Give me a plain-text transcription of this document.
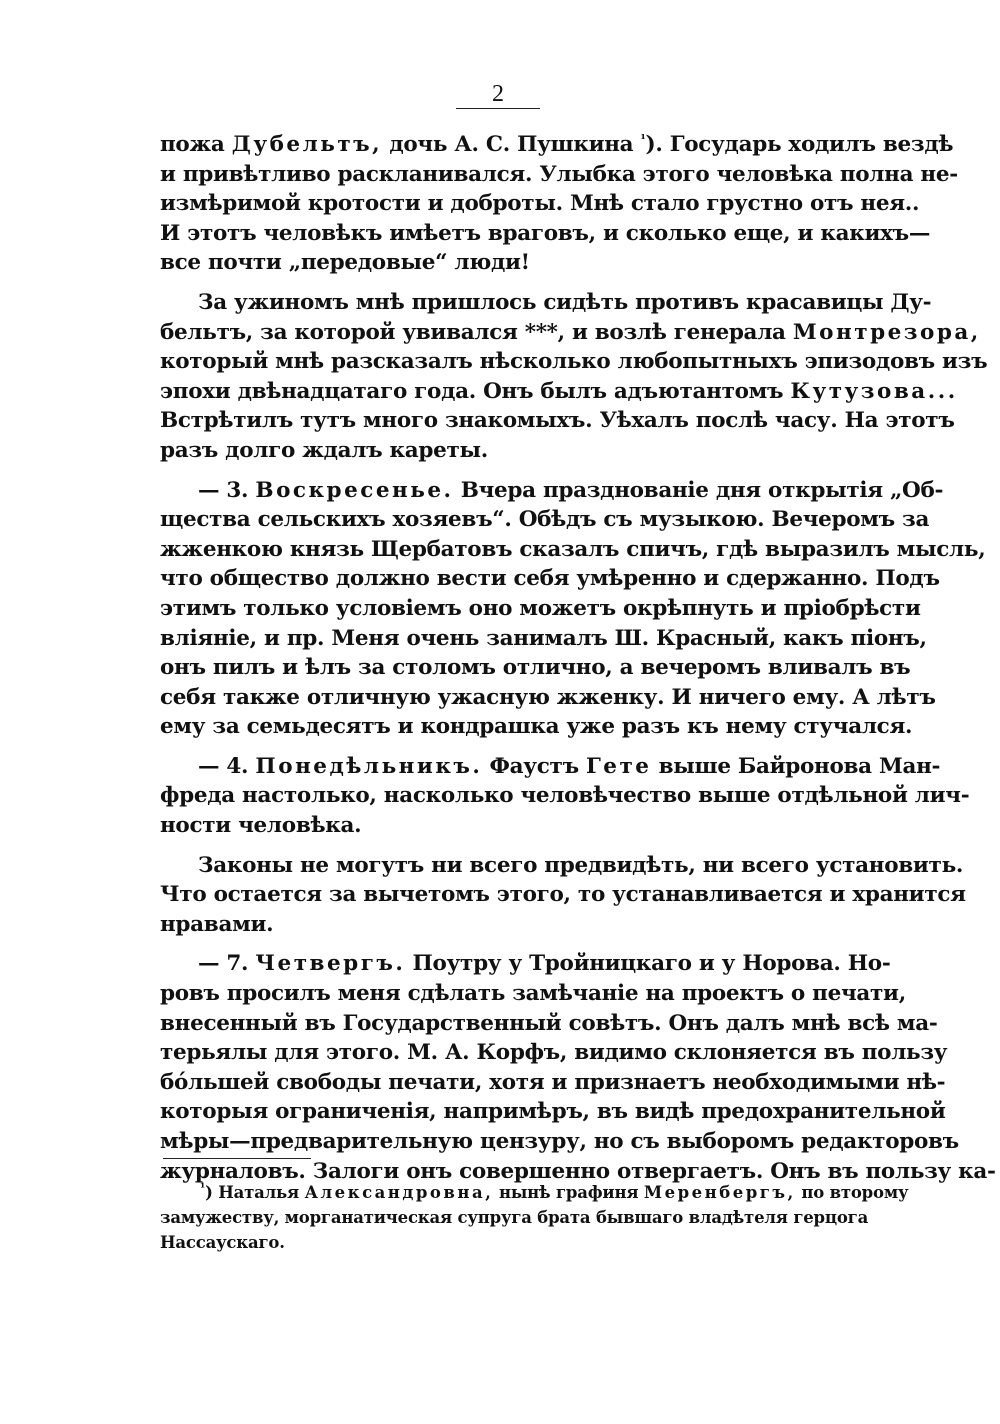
2
пожа Дубельтъ, дочь А. С. Пушкина $^{^1}$). Государь ходилъ вездѣ
и привѣтливо раскланивался. Улыбка этого человѣка полна не-
измѣримой кротости и доброты. Мнѣ стало грустно отъ нея..
И этотъ человѣкъ имѣетъ враговъ, и сколько еще, и какихъ—
все почти „передовые“ люди!
За ужиномъ мнѣ пришлось сидѣть противъ красавицы Ду-
бельтъ, за которой увивался ***, и возлѣ генерала Монтрезора,
который мнѣ разсказалъ нѣсколько любопытныхъ эпизодовъ изъ
эпохи двѣнадцатаго года. Онъ былъ адъютантомъ Кутузова...
Встрѣтилъ тутъ много знакомыхъ. Уѣхалъ послѣ часу. На этотъ
разъ долго ждалъ кареты.
— 3. Воскресенье. Вчера празднованіе дня открытія „Об-
щества сельскихъ хозяевъ“. Обѣдъ съ музыкою. Вечеромъ за
жженкою князь Щербатовъ сказалъ спичъ, гдѣ выразилъ мысль,
что общество должно вести себя умѣренно и сдержанно. Подъ
этимъ только условіемъ оно можетъ окрѣпнуть и пріобрѣсти
вліяніе, и пр. Меня очень занималъ Ш. Красный, какъ піонъ,
онъ пилъ и ѣлъ за столомъ отлично, а вечеромъ вливалъ въ
себя также отличную ужасную жженку. И ничего ему. А лѣтъ
ему за семьдесятъ и кондрашка уже разъ къ нему стучался.
— 4. Понедѣльникъ. Фаустъ Гете выше Байронова Ман-
фреда настолько, насколько человѣчество выше отдѣльной лич-
ности человѣка.
Законы не могутъ ни всего предвидѣть, ни всего установить.
Что остается за вычетомъ этого, то устанавливается и хранится
нравами.
— 7. Четвергъ. Поутру у Тройницкаго и у Норова. Но-
ровъ просилъ меня сдѣлать замѣчаніе на проектъ о печати,
внесенный въ Государственный совѣтъ. Онъ далъ мнѣ всѣ ма-
терьялы для этого. М. А. Корфъ, видимо склоняется въ пользу
бо́льшей свободы печати, хотя и признаетъ необходимыми нѣ-
которыя ограниченія, напримѣръ, въ видѣ предохранительной
мѣры—предварительную цензуру, но съ выборомъ редакторовъ
журналовъ. Залоги онъ совершенно отвергаетъ. Онъ въ пользу ка-
$^{^1}$) Наталья Александровна, нынѣ графиня Меренбергъ, по второму
замужеству, морганатическая супруга брата бывшаго владѣтеля герцога
Нассаускаго.
